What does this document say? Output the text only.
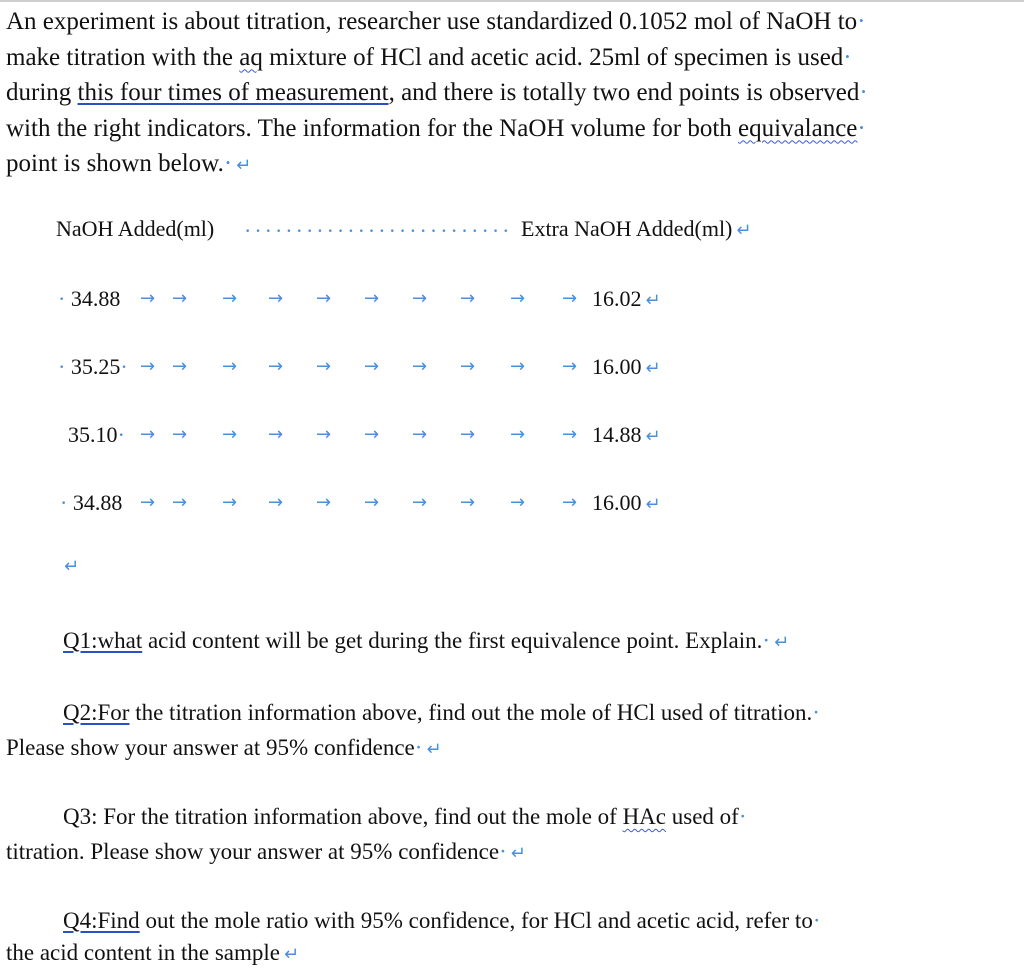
An experiment is about titration, researcher use standardized 0.1052 mol of NaOH to·
make titration with the aq mixture of HCl and acetic acid. 25ml of specimen is used·
during this four times of measurement, and there is totally two end points is observed·
with the right indicators. The information for the NaOH volume for both equivalance·
point is shown below.· ↵
NaOH Added(ml) ·························· Extra NaOH Added(ml) ↵
· 34.88 → → → → → → → → → → 16.02 ↵
· 35.25· → → → → → → → → → → 16.00 ↵
35.10· → → → → → → → → → → 14.88 ↵
· 34.88 → → → → → → → → → → 16.00 ↵
↵
Q1:what acid content will be get during the first equivalence point. Explain.· ↵
Q2:For the titration information above, find out the mole of HCl used of titration.·
Please show your answer at 95% confidence· ↵
Q3: For the titration information above, find out the mole of HAc used of·
titration. Please show your answer at 95% confidence· ↵
Q4:Find out the mole ratio with 95% confidence, for HCl and acetic acid, refer to·
the acid content in the sample ↵
